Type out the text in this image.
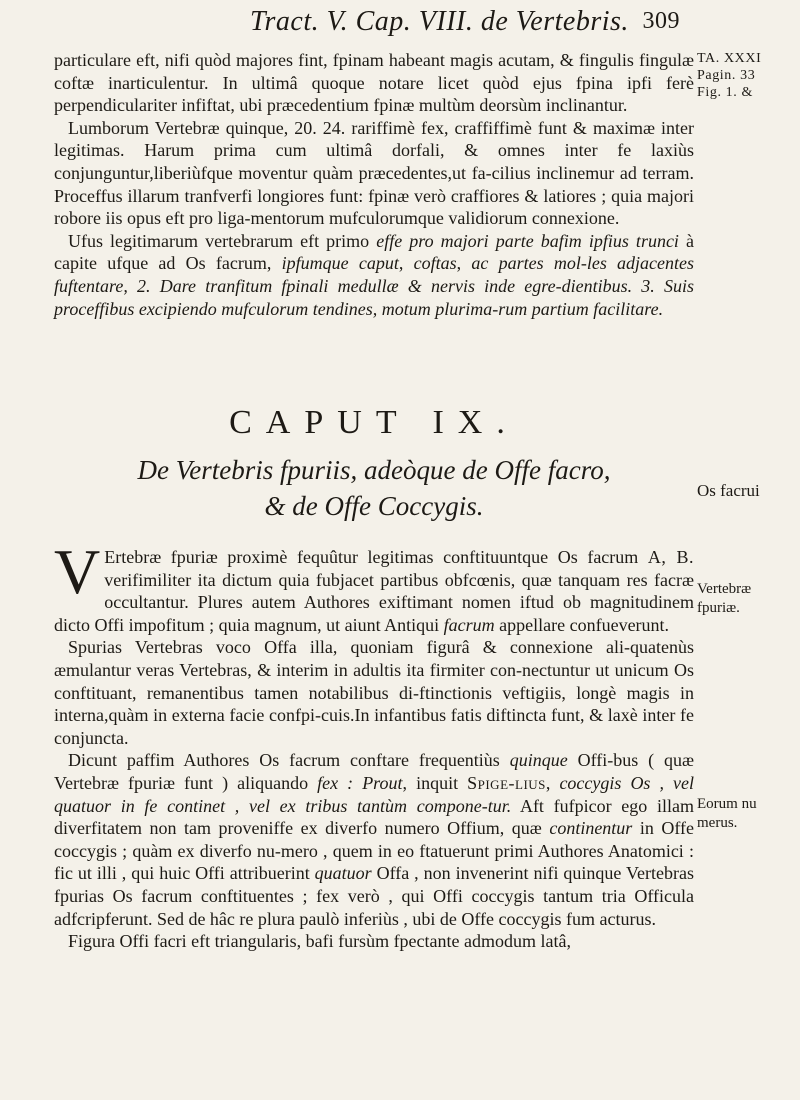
Tract. V. Cap. VIII. de Vertebris. 309
TA. XXXI
Pagin. 33
Fig. 1. &
Os facrui
Vertebræ
fpuriæ.
Eorum nu
merus.

particulare eft, nifi quòd majores fint, fpinam habeant magis acutam, & fingulis fingulæ coftæ inarticulentur. In ultimâ quoque notare licet quòd ejus fpina ipfi ferè perpendiculariter infiftat, ubi præcedentium fpinæ multùm deorsùm inclinantur.

Lumborum Vertebræ quinque, 20. 24. rariffimè fex, craffiffimè funt & maximæ inter legitimas. Harum prima cum ultimâ dorfali, & omnes inter fe laxiùs conjunguntur,liberiùfque moventur quàm præcedentes,ut fa-cilius inclinemur ad terram. Proceffus illarum tranfverfi longiores funt: fpinæ verò craffiores & latiores ; quia majori robore iis opus eft pro liga-mentorum mufculorumque validiorum connexione.

Ufus legitimarum vertebrarum eft primo effe pro majori parte bafim ipfius trunci à capite ufque ad Os facrum, ipfumque caput, coftas, ac partes mol-les adjacentes fuftentare, 2. Dare tranfitum fpinali medullæ & nervis inde egre-dientibus. 3. Suis proceffibus excipiendo mufculorum tendines, motum plurima-rum partium facilitare.

CAPUT IX.
De Vertebris fpuriis, adeòque de Offe facro,
& de Offe Coccygis.

V Ertebræ fpuriæ proximè fequûtur legitimas conftituuntque Os facrum A, B. verifimiliter ita dictum quia fubjacet partibus obfcœnis, quæ tanquam res facræ occultantur. Plures autem Authores exiftimant nomen iftud ob magnitudinem dicto Offi impofitum ; quia magnum, ut aiunt Antiqui facrum appellare confueverunt.

Spurias Vertebras voco Offa illa, quoniam figurâ & connexione ali-quatenùs æmulantur veras Vertebras, & interim in adultis ita firmiter con-nectuntur ut unicum Os conftituant, remanentibus tamen notabilibus di-ftinctionis veftigiis, longè magis in interna,quàm in externa facie confpi-cuis.In infantibus fatis diftincta funt, & laxè inter fe conjuncta.

Dicunt paffim Authores Os facrum conftare frequentiùs quinque Offi-bus ( quæ Vertebræ fpuriæ funt ) aliquando fex : Prout, inquit Spige-lius, coccygis Os , vel quatuor in fe continet , vel ex tribus tantùm compone-tur. Aft fufpicor ego illam diverfitatem non tam proveniffe ex diverfo numero Offium, quæ continentur in Offe coccygis ; quàm ex diverfo nu-mero , quem in eo ftatuerunt primi Authores Anatomici : fic ut illi , qui huic Offi attribuerint quatuor Offa , non invenerint nifi quinque Vertebras fpurias Os facrum conftituentes ; fex verò , qui Offi coccygis tantum tria Officula adfcripferunt. Sed de hâc re plura paulò inferiùs , ubi de Offe coccygis fum acturus.

Figura Offi facri eft triangularis, bafi fursùm fpectante admodum latâ,
